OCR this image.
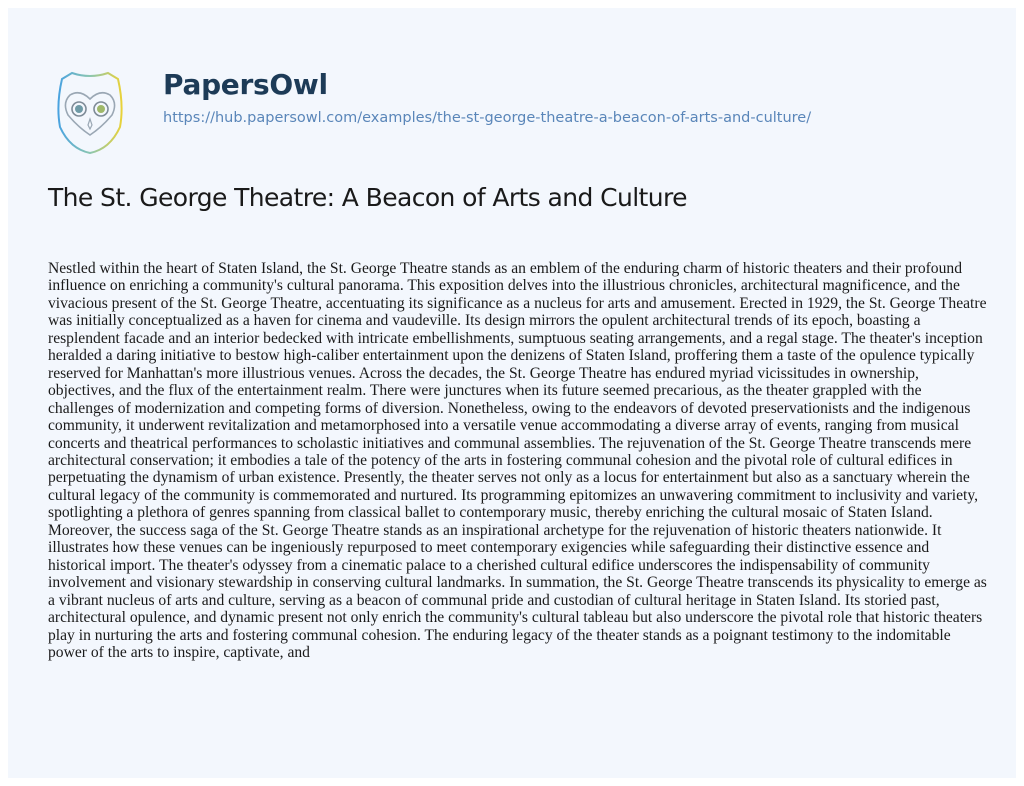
PapersOwl
https://hub.papersowl.com/examples/the-st-george-theatre-a-beacon-of-arts-and-culture/
The St. George Theatre: A Beacon of Arts and Culture

Nestled within the heart of Staten Island, the St. George Theatre stands as an emblem of the enduring charm of historic theaters and their profound influence on enriching a community's cultural panorama. This exposition delves into the illustrious chronicles, architectural magnificence, and the vivacious present of the St. George Theatre, accentuating its significance as a nucleus for arts and amusement. Erected in 1929, the St. George Theatre was initially conceptualized as a haven for cinema and vaudeville. Its design mirrors the opulent architectural trends of its epoch, boasting a resplendent facade and an interior bedecked with intricate embellishments, sumptuous seating arrangements, and a regal stage. The theater's inception heralded a daring initiative to bestow high-caliber entertainment upon the denizens of Staten Island, proffering them a taste of the opulence typically reserved for Manhattan's more illustrious venues. Across the decades, the St. George Theatre has endured myriad vicissitudes in ownership, objectives, and the flux of the entertainment realm. There were junctures when its future seemed precarious, as the theater grappled with the challenges of modernization and competing forms of diversion. Nonetheless, owing to the endeavors of devoted preservationists and the indigenous community, it underwent revitalization and metamorphosed into a versatile venue accommodating a diverse array of events, ranging from musical concerts and theatrical performances to scholastic initiatives and communal assemblies. The rejuvenation of the St. George Theatre transcends mere architectural conservation; it embodies a tale of the potency of the arts in fostering communal cohesion and the pivotal role of cultural edifices in perpetuating the dynamism of urban existence. Presently, the theater serves not only as a locus for entertainment but also as a sanctuary wherein the cultural legacy of the community is commemorated and nurtured. Its programming epitomizes an unwavering commitment to inclusivity and variety, spotlighting a plethora of genres spanning from classical ballet to contemporary music, thereby enriching the cultural mosaic of Staten Island. Moreover, the success saga of the St. George Theatre stands as an inspirational archetype for the rejuvenation of historic theaters nationwide. It illustrates how these venues can be ingeniously repurposed to meet contemporary exigencies while safeguarding their distinctive essence and historical import. The theater's odyssey from a cinematic palace to a cherished cultural edifice underscores the indispensability of community involvement and visionary stewardship in conserving cultural landmarks. In summation, the St. George Theatre transcends its physicality to emerge as a vibrant nucleus of arts and culture, serving as a beacon of communal pride and custodian of cultural heritage in Staten Island. Its storied past, architectural opulence, and dynamic present not only enrich the community's cultural tableau but also underscore the pivotal role that historic theaters play in nurturing the arts and fostering communal cohesion. The enduring legacy of the theater stands as a poignant testimony to the indomitable power of the arts to inspire, captivate, and
